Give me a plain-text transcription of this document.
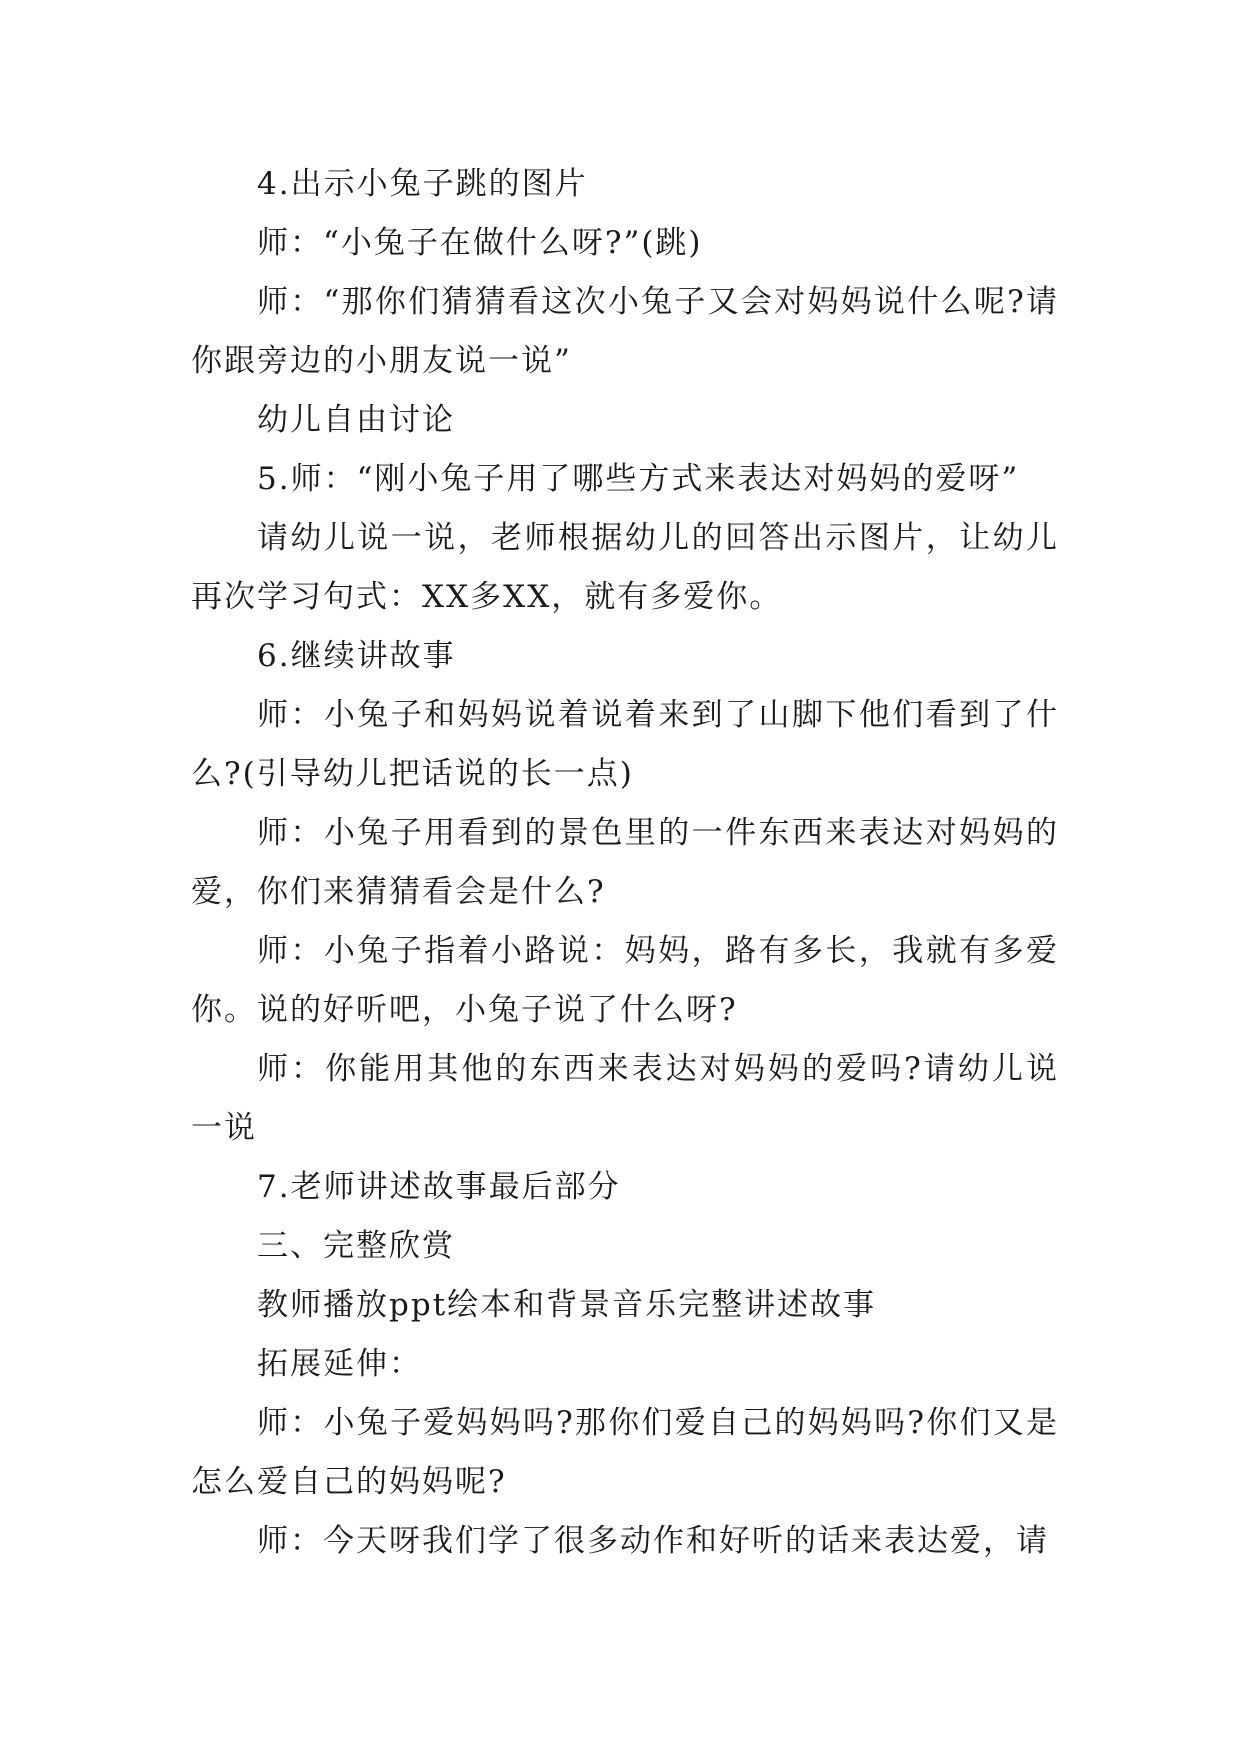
4.出示小兔子跳的图片

师：“小兔子在做什么呀?”(跳)

师：“那你们猜猜看这次小兔子又会对妈妈说什么呢?请你跟旁边的小朋友说一说”

幼儿自由讨论

5.师：“刚小兔子用了哪些方式来表达对妈妈的爱呀”

请幼儿说一说，老师根据幼儿的回答出示图片，让幼儿再次学习句式：XX多XX，就有多爱你。

6.继续讲故事

师：小兔子和妈妈说着说着来到了山脚下他们看到了什么?(引导幼儿把话说的长一点)

师：小兔子用看到的景色里的一件东西来表达对妈妈的爱，你们来猜猜看会是什么?

师：小兔子指着小路说：妈妈，路有多长，我就有多爱你。说的好听吧，小兔子说了什么呀?

师：你能用其他的东西来表达对妈妈的爱吗?请幼儿说一说

7.老师讲述故事最后部分

三、完整欣赏

教师播放ppt绘本和背景音乐完整讲述故事

拓展延伸：

师：小兔子爱妈妈吗?那你们爱自己的妈妈吗?你们又是怎么爱自己的妈妈呢?

师：今天呀我们学了很多动作和好听的话来表达爱，请
